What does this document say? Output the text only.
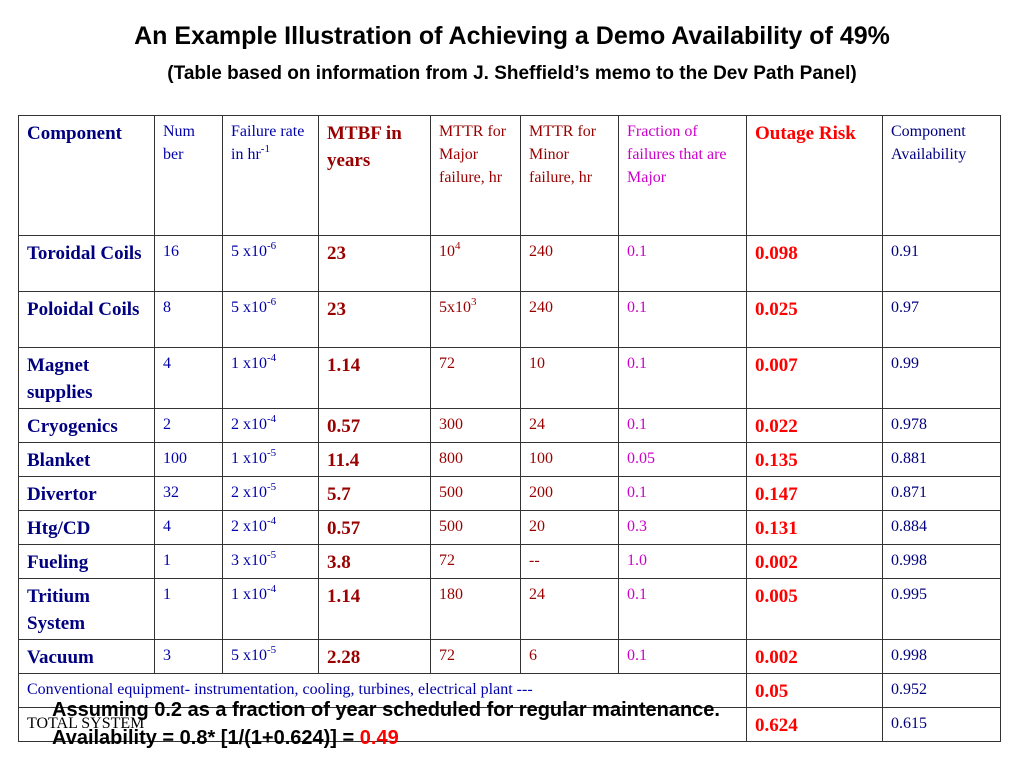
An Example Illustration of Achieving a Demo Availability of 49%
(Table based on information from J. Sheffield’s memo to the Dev Path Panel)
Component	Num ber	Failure rate in $hr^{-1}$	MTBF in years	MTTR for Major failure, hr	MTTR for Minor failure, hr	Fraction of failures that are Major	Outage Risk	Component Availability
Toroidal Coils	16	5 $x10^{-6}$	23	$10^4$	240	0.1	0.098	0.91
Poloidal Coils	8	5 $x10^{-6}$	23	$5x10^3$	240	0.1	0.025	0.97
Magnet supplies	4	1 $x10^{-4}$	1.14	72	10	0.1	0.007	0.99
Cryogenics	2	2 $x10^{-4}$	0.57	300	24	0.1	0.022	0.978
Blanket	100	1 $x10^{-5}$	11.4	800	100	0.05	0.135	0.881
Divertor	32	2 $x10^{-5}$	5.7	500	200	0.1	0.147	0.871
Htg/CD	4	2 $x10^{-4}$	0.57	500	20	0.3	0.131	0.884
Fueling	1	3 $x10^{-5}$	3.8	72	--	1.0	0.002	0.998
Tritium System	1	1 $x10^{-4}$	1.14	180	24	0.1	0.005	0.995
Vacuum	3	5 $x10^{-5}$	2.28	72	6	0.1	0.002	0.998
Conventional equipment- instrumentation, cooling, turbines, electrical plant ---							0.05	0.952
TOTAL SYSTEM							0.624	0.615
Assuming 0.2 as a fraction of year scheduled for regular maintenance.
Availability = 0.8* [1/(1+0.624)] = 0.49
